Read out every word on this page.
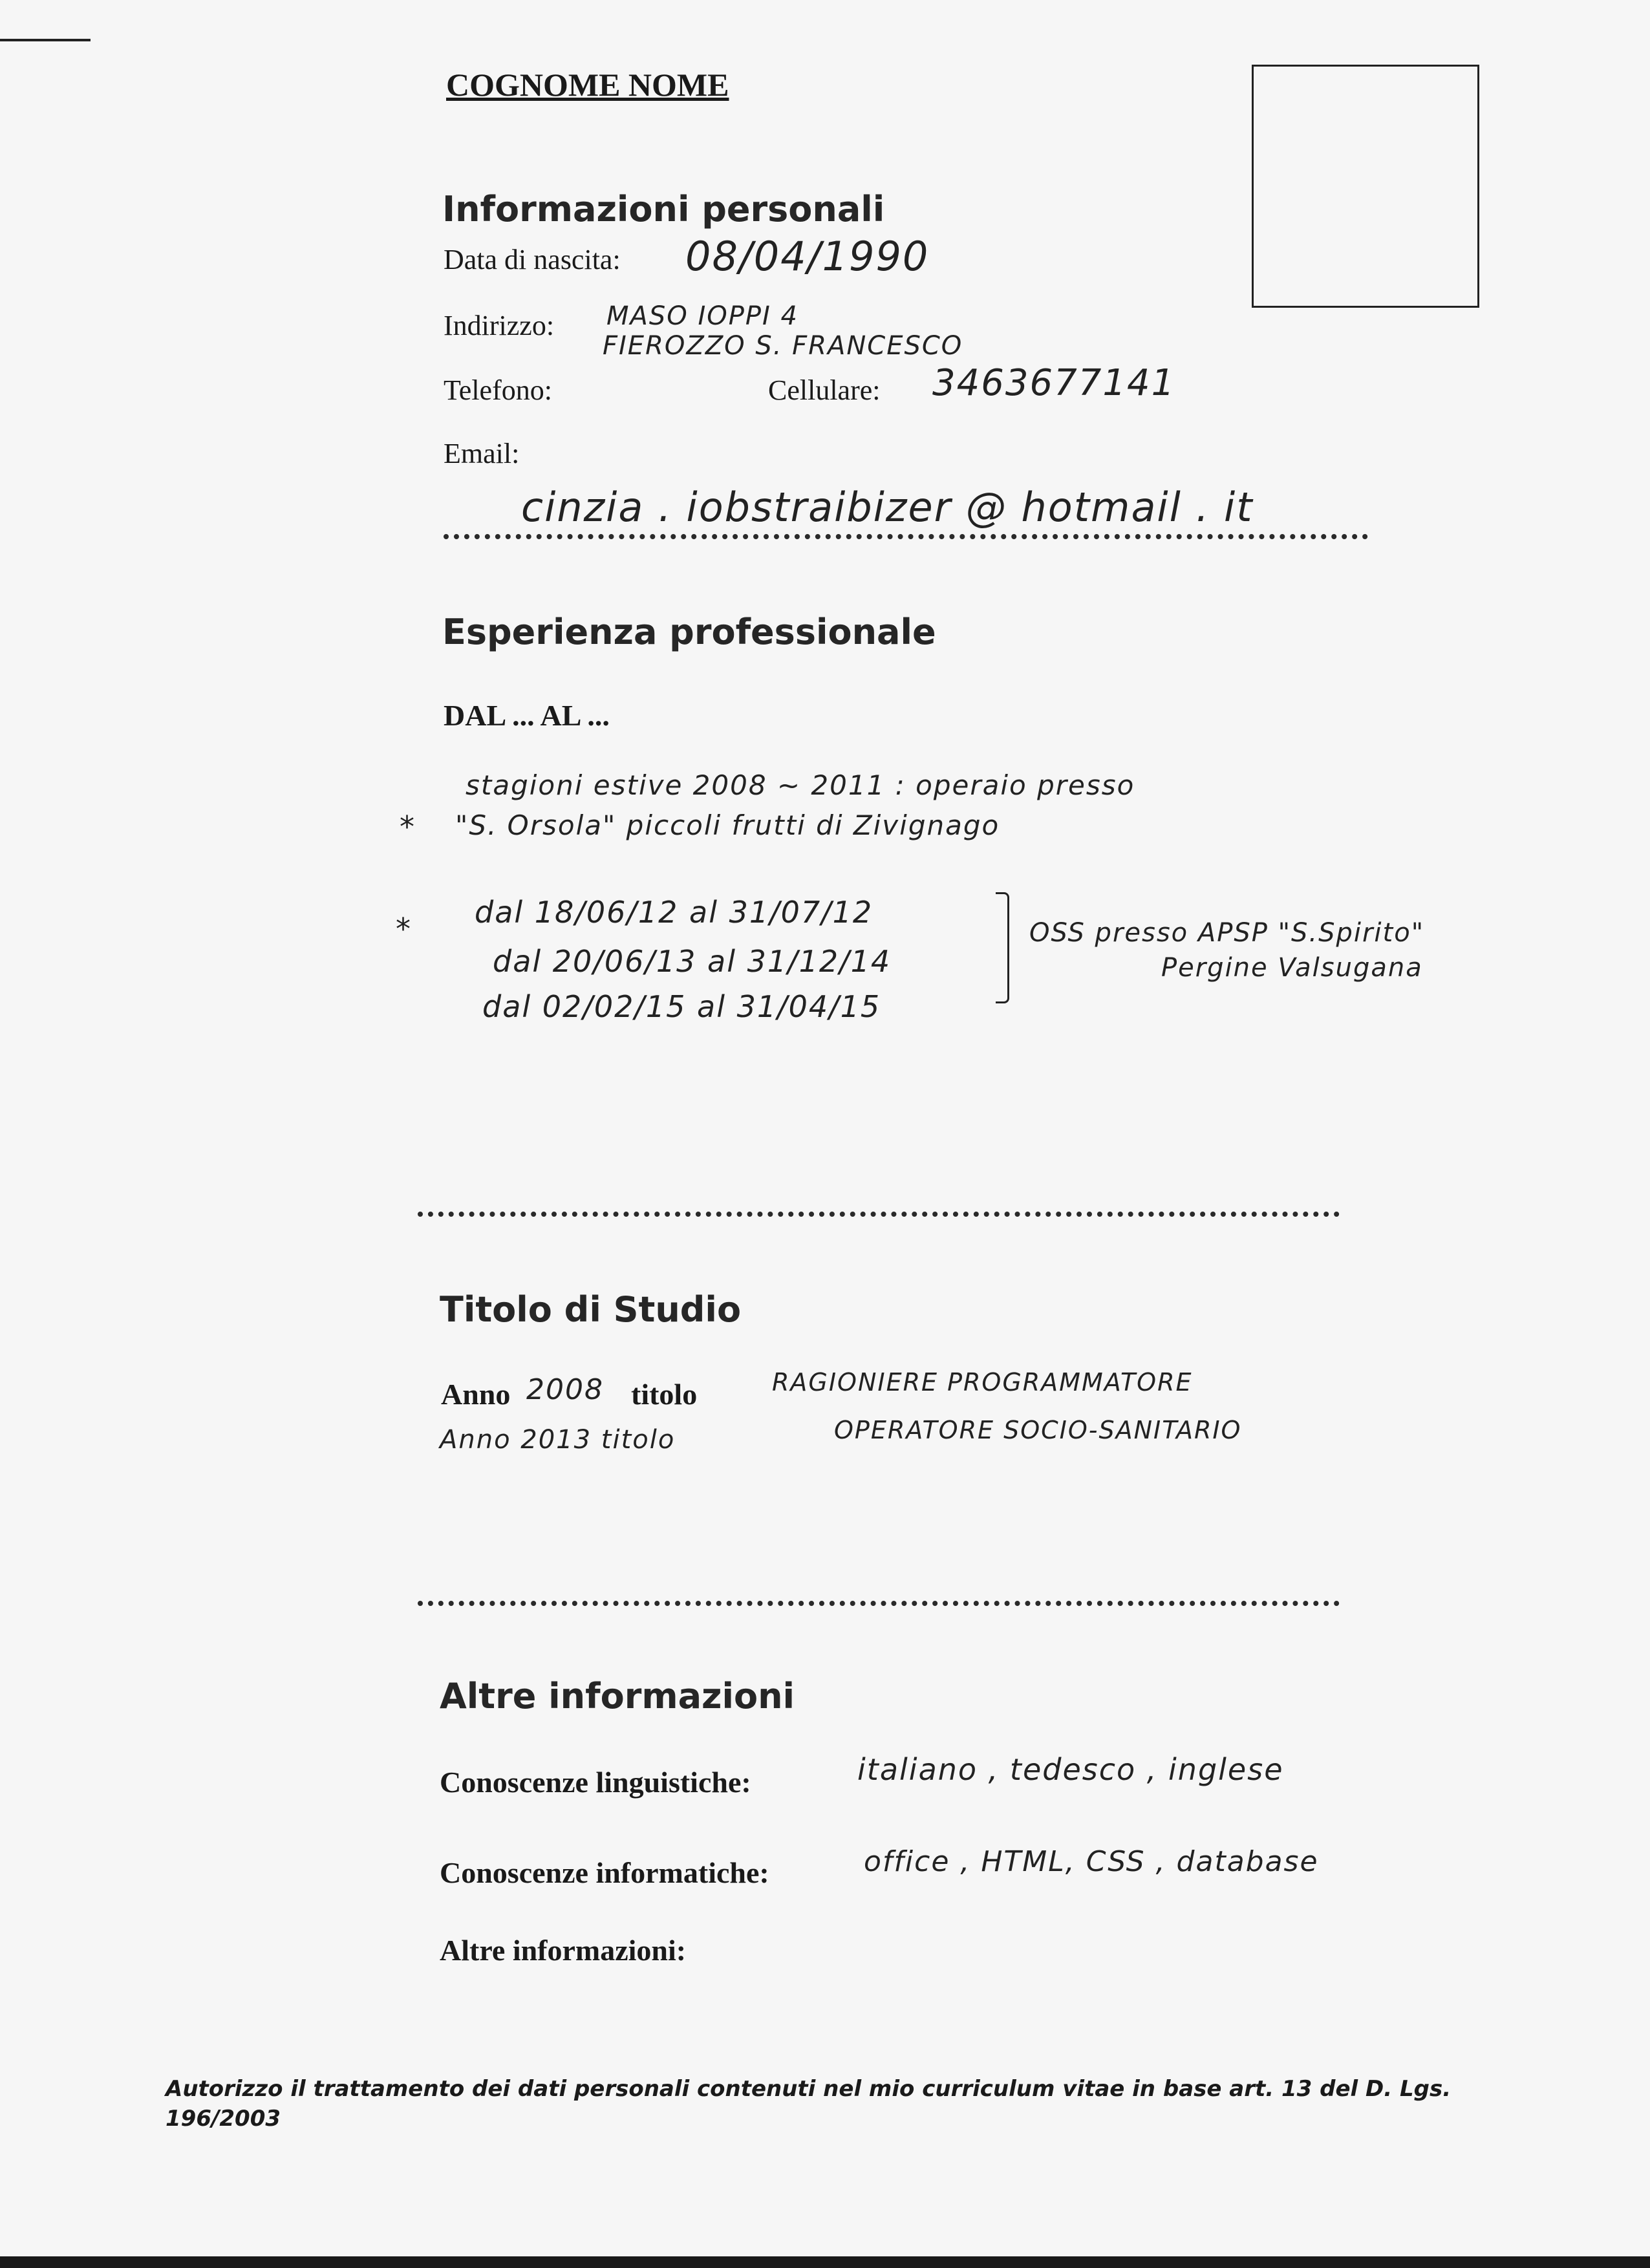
COGNOME NOME
Informazioni personali
Data di nascita: 08/04/1990
Indirizzo: MASO IOPPI 4
FIEROZZO S. FRANCESCO
Telefono:	Cellulare: 3463677141
Email:
cinzia . iobstraibizer @ hotmail . it
Esperienza professionale
DAL ... AL ...
stagioni estive 2008 ~ 2011 : operaio presso
* "S. Orsola" piccoli frutti di Zivignago
* dal 18/06/12 al 31/07/12
dal 20/06/13 al 31/12/14
dal 02/02/15 al 31/04/15
OSS presso APSP "S.Spirito"
Pergine Valsugana
Titolo di Studio
Anno 2008 titolo	RAGIONIERE PROGRAMMATORE
Anno 2013 titolo	OPERATORE SOCIO-SANITARIO
Altre informazioni
Conoscenze linguistiche:	italiano , tedesco , inglese
Conoscenze informatiche:	office , HTML, CSS , database
Altre informazioni:
Autorizzo il trattamento dei dati personali contenuti nel mio curriculum vitae in base art. 13 del D. Lgs. 196/2003
